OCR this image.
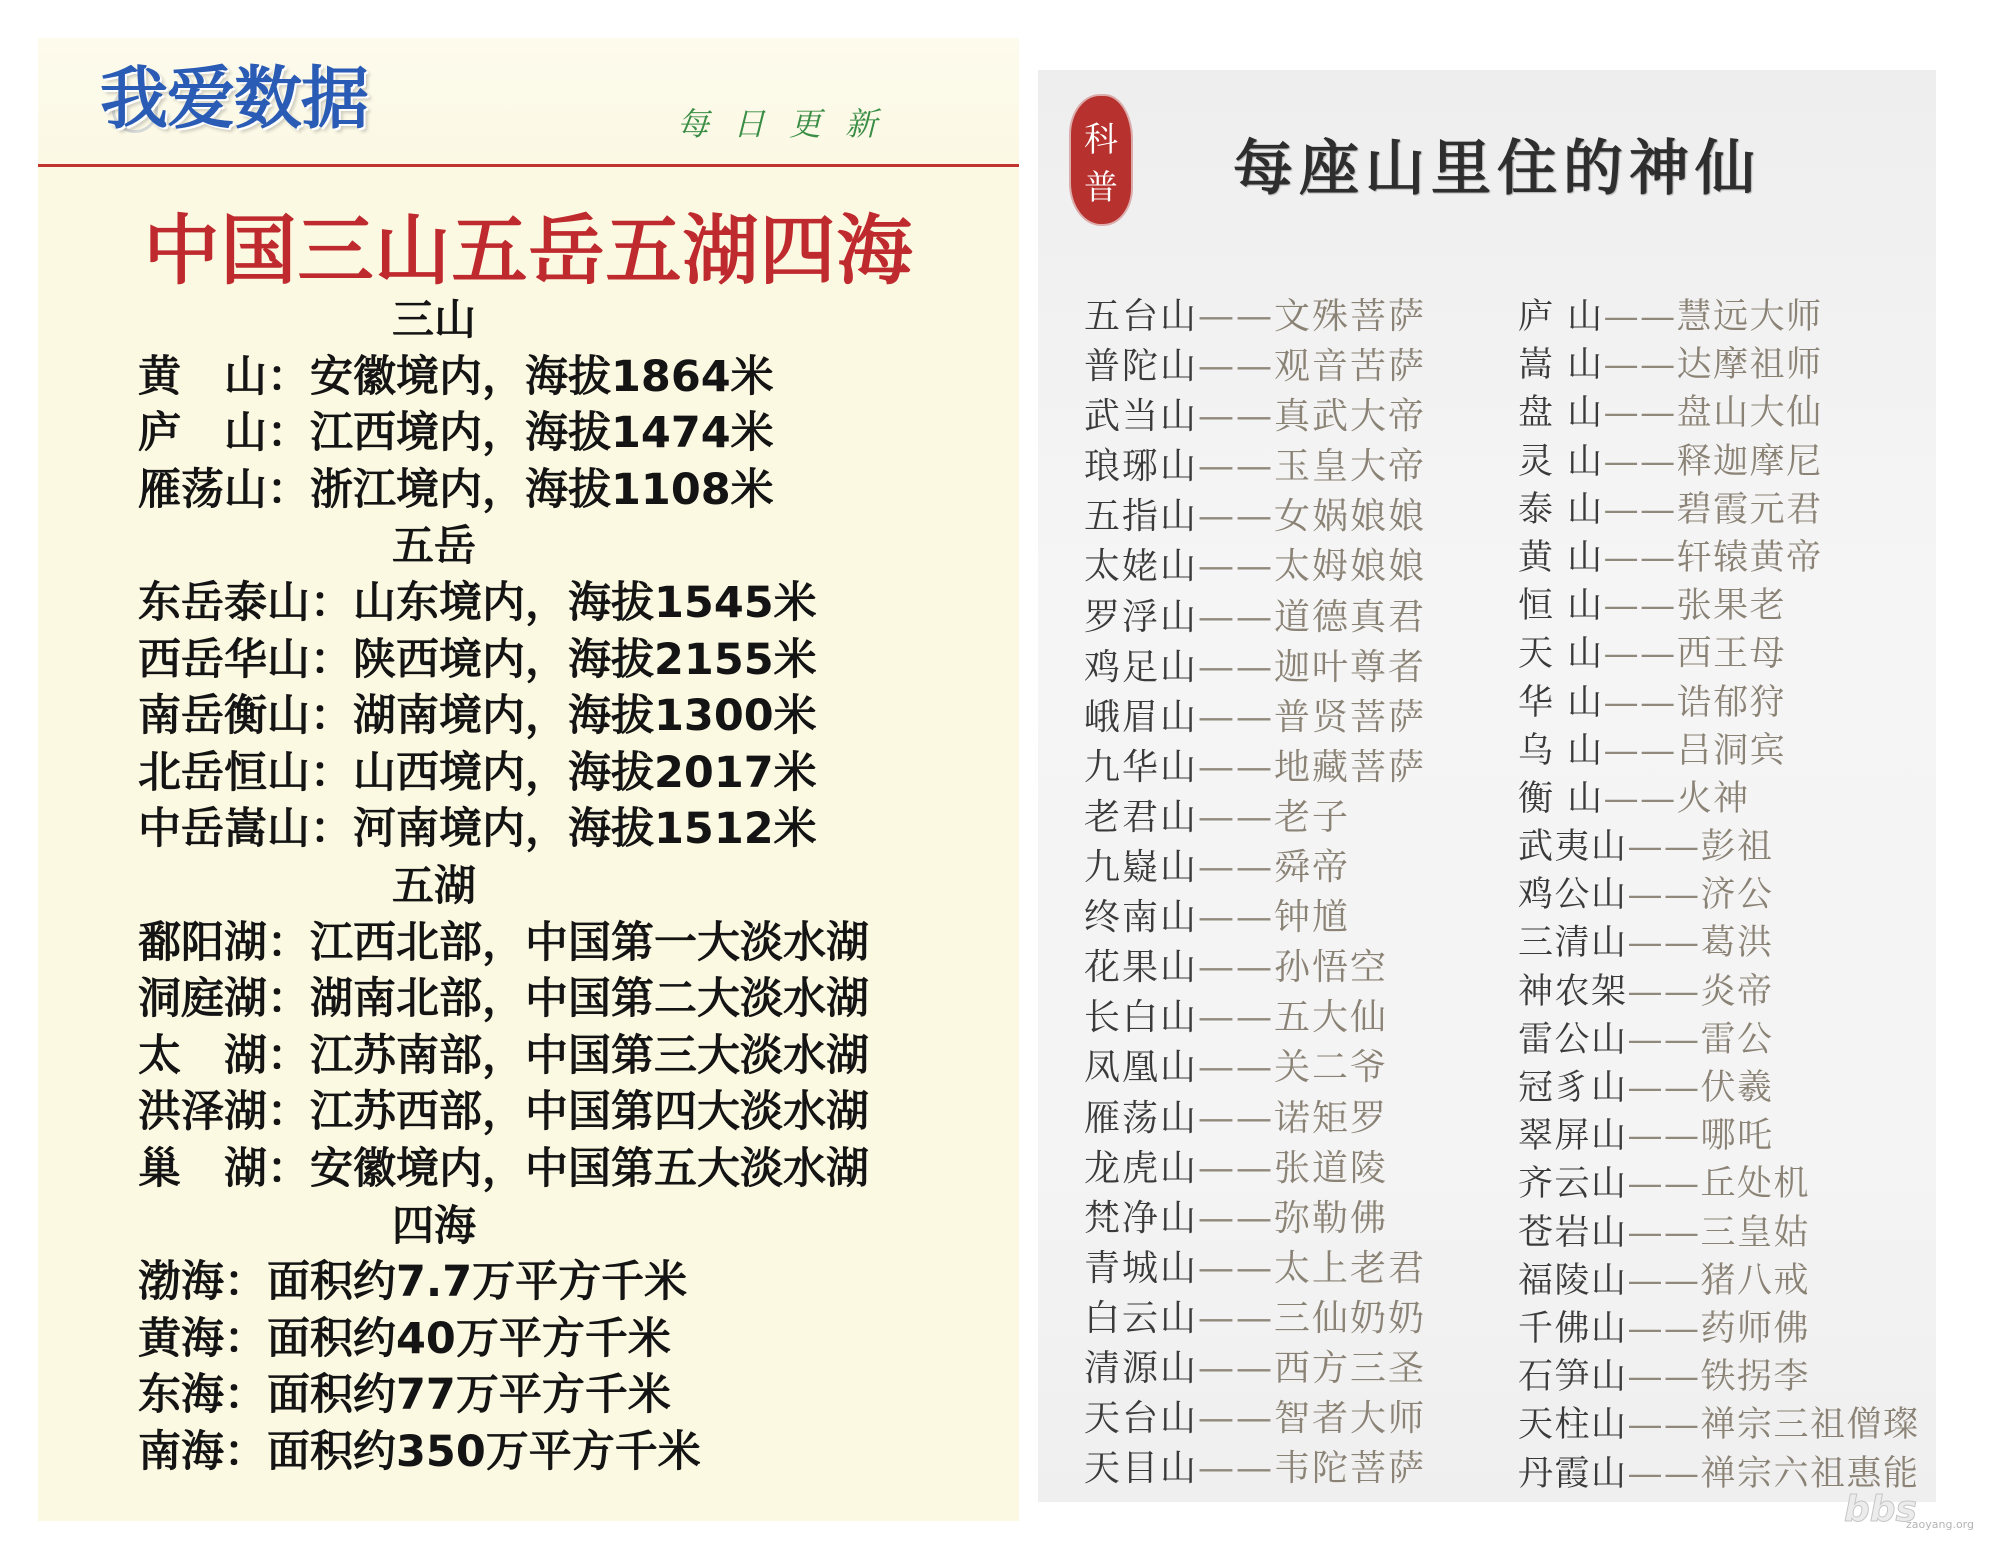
我爱数据	每日更新
中国三山五岳五湖四海
三山
黄　山：安徽境内，海拔1864米
庐　山：江西境内，海拔1474米
雁荡山：浙江境内，海拔1108米
五岳
东岳泰山：山东境内，海拔1545米
西岳华山：陕西境内，海拔2155米
南岳衡山：湖南境内，海拔1300米
北岳恒山：山西境内，海拔2017米
中岳嵩山：河南境内，海拔1512米
五湖
鄱阳湖：江西北部，中国第一大淡水湖
洞庭湖：湖南北部，中国第二大淡水湖
太　湖：江苏南部，中国第三大淡水湖
洪泽湖：江苏西部，中国第四大淡水湖
巢　湖：安徽境内，中国第五大淡水湖
四海
渤海：面积约7.7万平方千米
黄海：面积约40万平方千米
东海：面积约77万平方千米
南海：面积约350万平方千米
科
普 每座山里住的神仙
五台山——文殊菩萨
普陀山——观音苦萨
武当山——真武大帝
琅琊山——玉皇大帝
五指山——女娲娘娘
太姥山——太姆娘娘
罗浮山——道德真君
鸡足山——迦叶尊者
峨眉山——普贤菩萨
九华山——地藏菩萨
老君山——老子
九嶷山——舜帝
终南山——钟馗
花果山——孙悟空
长白山——五大仙
凤凰山——关二爷
雁荡山——诺矩罗
龙虎山——张道陵
梵净山——弥勒佛
青城山——太上老君
白云山——三仙奶奶
清源山——西方三圣
天台山——智者大师
天目山——韦陀菩萨
庐 山——慧远大师
嵩 山——达摩祖师
盘 山——盘山大仙
灵 山——释迦摩尼
泰 山——碧霞元君
黄 山——轩辕黄帝
恒 山——张果老
天 山——西王母
华 山——诰郁狩
乌 山——吕洞宾
衡 山——火神
武夷山——彭祖
鸡公山——济公
三清山——葛洪
神农架——炎帝
雷公山——雷公
冠豸山——伏羲
翠屏山——哪吒
齐云山——丘处机
苍岩山——三皇姑
福陵山——猪八戒
千佛山——药师佛
石笋山——铁拐李
天柱山——禅宗三祖僧璨
丹霞山——禅宗六祖惠能
bbs
zaoyang.org
